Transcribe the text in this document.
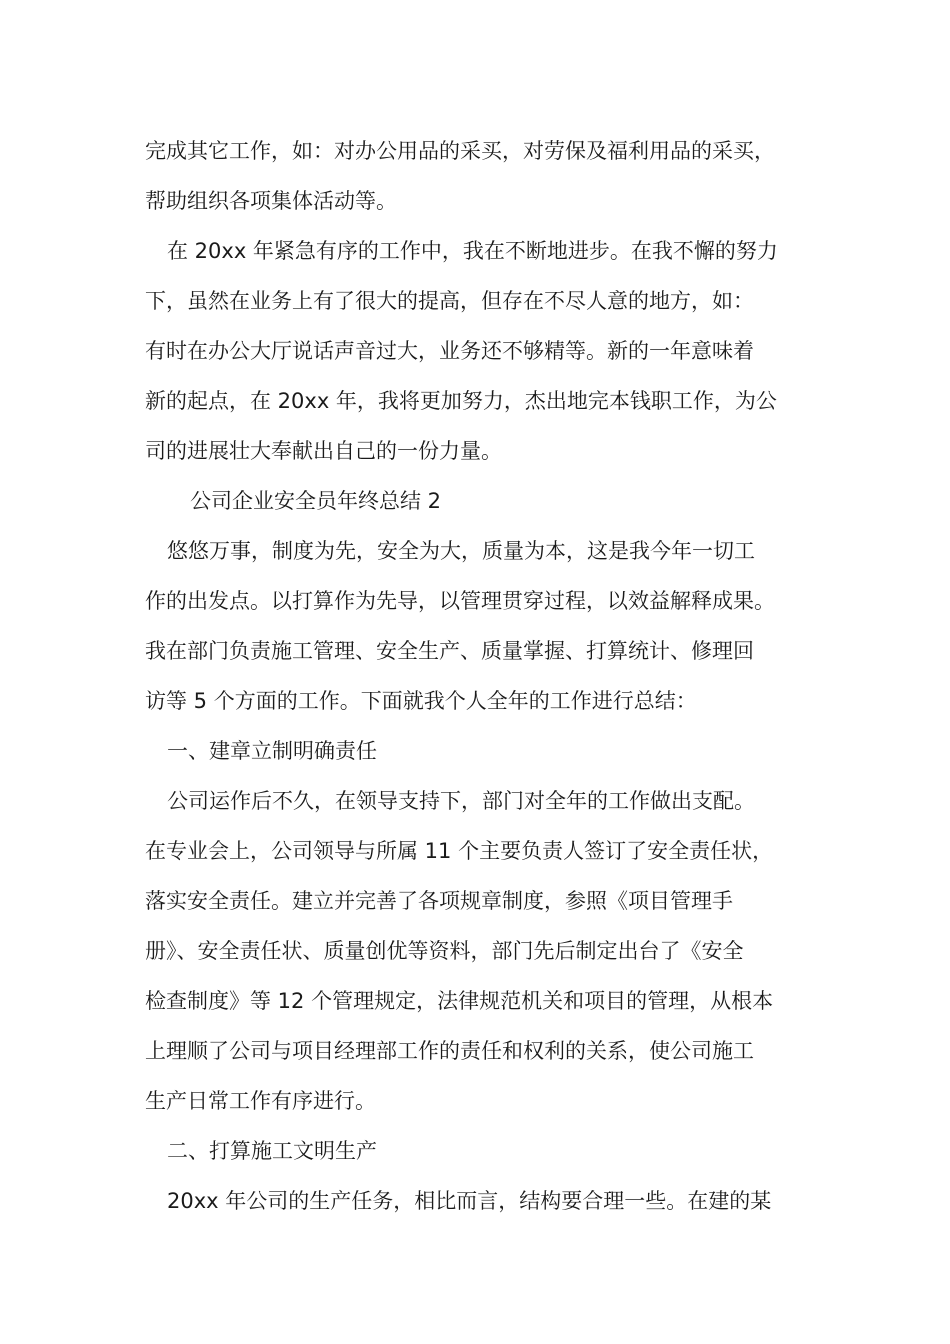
完成其它工作，如：对办公用品的采买，对劳保及福利用品的采买，

帮助组织各项集体活动等。

在 20xx 年紧急有序的工作中，我在不断地进步。在我不懈的努力

下，虽然在业务上有了很大的提高，但存在不尽人意的地方，如：

有时在办公大厅说话声音过大，业务还不够精等。新的一年意味着

新的起点，在 20xx 年，我将更加努力，杰出地完本钱职工作，为公

司的进展壮大奉献出自己的一份力量。

公司企业安全员年终总结 2

悠悠万事，制度为先，安全为大，质量为本，这是我今年一切工

作的出发点。以打算作为先导，以管理贯穿过程，以效益解释成果。

我在部门负责施工管理、安全生产、质量掌握、打算统计、修理回

访等 5 个方面的工作。下面就我个人全年的工作进行总结：

一、建章立制明确责任

公司运作后不久，在领导支持下，部门对全年的工作做出支配。

在专业会上，公司领导与所属 11 个主要负责人签订了安全责任状，

落实安全责任。建立并完善了各项规章制度，参照《项目管理手

册》、安全责任状、质量创优等资料，部门先后制定出台了《安全

检查制度》等 12 个管理规定，法律规范机关和项目的管理，从根本

上理顺了公司与项目经理部工作的责任和权利的关系，使公司施工

生产日常工作有序进行。

二、打算施工文明生产

20xx 年公司的生产任务，相比而言，结构要合理一些。在建的某
